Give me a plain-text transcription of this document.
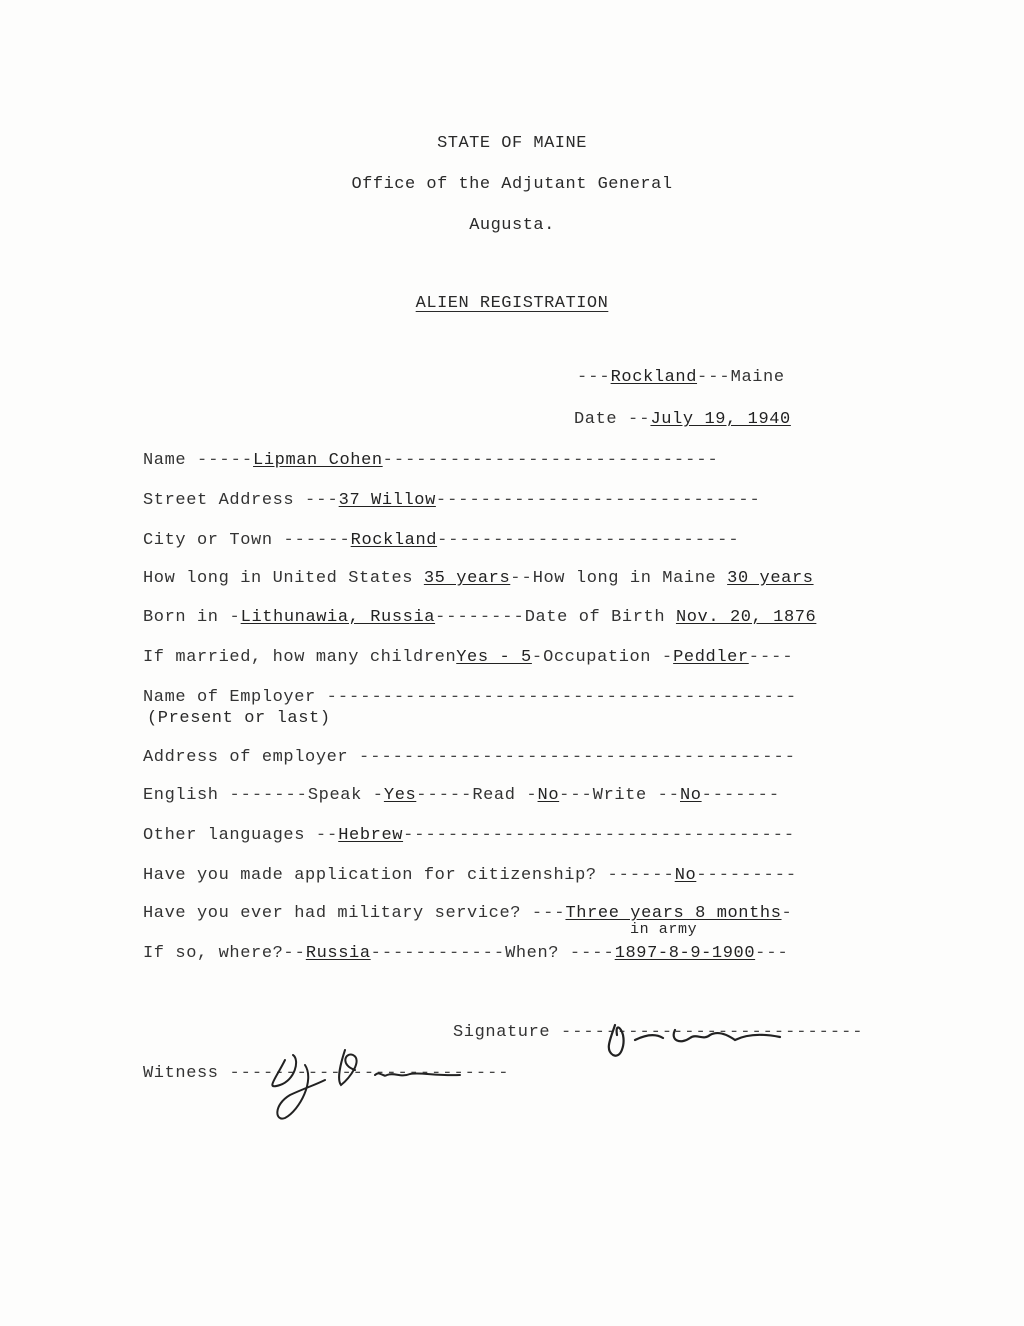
STATE OF MAINE
Office of the Adjutant General
Augusta.
ALIEN REGISTRATION
---Rockland---Maine
Date --July 19, 1940
Name -----Lipman Cohen------------------------------
Street Address ---37 Willow-----------------------------
City or Town ------Rockland---------------------------
How long in United States 35 years--How long in Maine 30 years
Born in -Lithunawia, Russia--------Date of Birth Nov. 20, 1876
If married, how many childrenYes - 5-Occupation -Peddler----
Name of Employer ------------------------------------------
(Present or last)
Address of employer ---------------------------------------
English -------Speak -Yes-----Read -No---Write --No-------
Other languages --Hebrew-----------------------------------
Have you made application for citizenship? ------No---------
Have you ever had military service? ---Three years 8 months-
in army
If so, where?--Russia------------When? ----1897-8-9-1900---
Signature ---------------------------
Witness -------------------------
